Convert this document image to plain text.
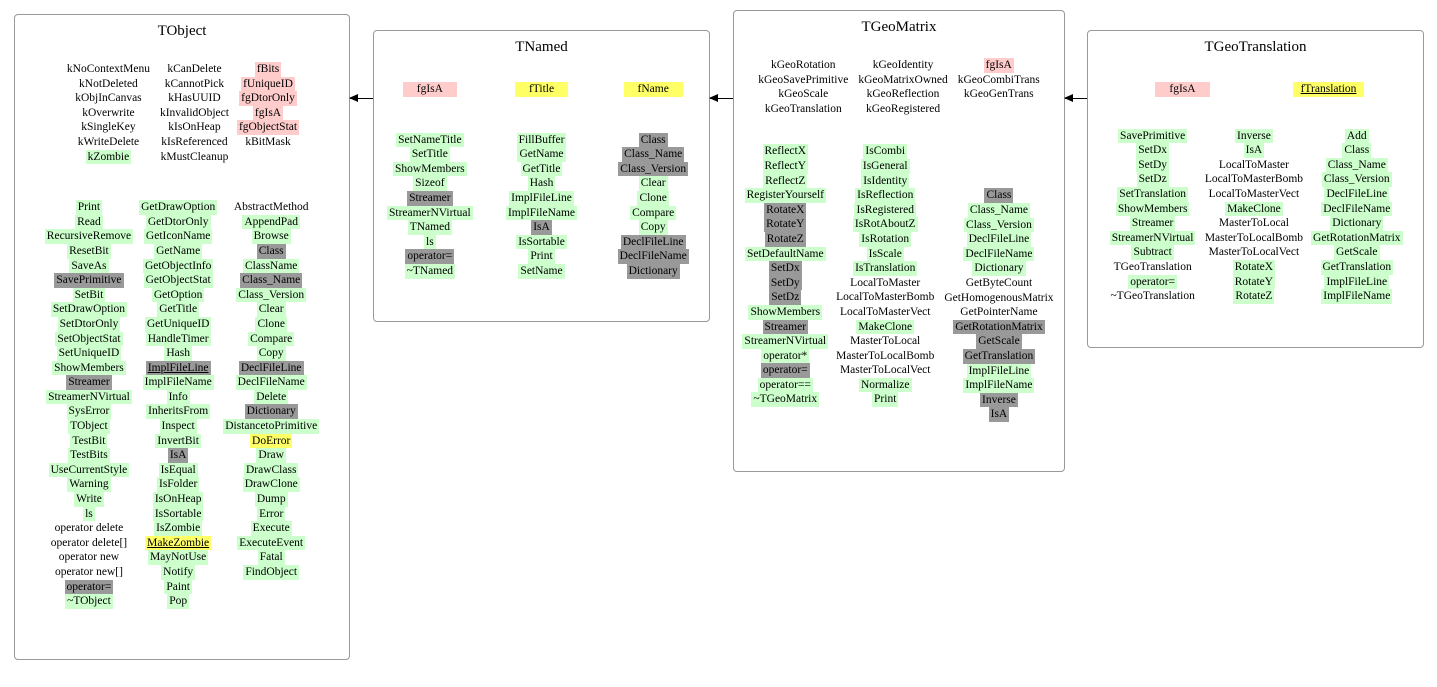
TObject
kNoContextMenu
kNotDeleted
kObjInCanvas
kOverwrite
kSingleKey
kWriteDelete
kZombie
kCanDelete
kCannotPick
kHasUUID
kInvalidObject
kIsOnHeap
kIsReferenced
kMustCleanup
fBits
fUniqueID
fgDtorOnly
fgIsA
fgObjectStat
kBitMask
Print
Read
RecursiveRemove
ResetBit
SaveAs
SavePrimitive
SetBit
SetDrawOption
SetDtorOnly
SetObjectStat
SetUniqueID
ShowMembers
Streamer
StreamerNVirtual
SysError
TObject
TestBit
TestBits
UseCurrentStyle
Warning
Write
ls
operator delete
operator delete[]
operator new
operator new[]
operator=
~TObject
GetDrawOption
GetDtorOnly
GetIconName
GetName
GetObjectInfo
GetObjectStat
GetOption
GetTitle
GetUniqueID
HandleTimer
Hash
ImplFileLine
ImplFileName
Info
InheritsFrom
Inspect
InvertBit
IsA
IsEqual
IsFolder
IsOnHeap
IsSortable
IsZombie
MakeZombie
MayNotUse
Notify
Paint
Pop
AbstractMethod
AppendPad
Browse
Class
ClassName
Class_Name
Class_Version
Clear
Clone
Compare
Copy
DeclFileLine
DeclFileName
Delete
Dictionary
DistancetoPrimitive
DoError
Draw
DrawClass
DrawClone
Dump
Error
Execute
ExecuteEvent
Fatal
FindObject
TNamed
fgIsA	fTitle	fName
SetNameTitle
SetTitle
ShowMembers
Sizeof
Streamer
StreamerNVirtual
TNamed
ls
operator=
~TNamed
FillBuffer
GetName
GetTitle
Hash
ImplFileLine
ImplFileName
IsA
IsSortable
Print
SetName
Class
Class_Name
Class_Version
Clear
Clone
Compare
Copy
DeclFileLine
DeclFileName
Dictionary
TGeoMatrix
kGeoRotation
kGeoSavePrimitive
kGeoScale
kGeoTranslation
kGeoIdentity
kGeoMatrixOwned
kGeoReflection
kGeoRegistered
fgIsA
kGeoCombiTrans
kGeoGenTrans
ReflectX
ReflectY
ReflectZ
RegisterYourself
RotateX
RotateY
RotateZ
SetDefaultName
SetDx
SetDy
SetDz
ShowMembers
Streamer
StreamerNVirtual
operator*
operator=
operator==
~TGeoMatrix
IsCombi
IsGeneral
IsIdentity
IsReflection
IsRegistered
IsRotAboutZ
IsRotation
IsScale
IsTranslation
LocalToMaster
LocalToMasterBomb
LocalToMasterVect
MakeClone
MasterToLocal
MasterToLocalBomb
MasterToLocalVect
Normalize
Print
Class
Class_Name
Class_Version
DeclFileLine
DeclFileName
Dictionary
GetByteCount
GetHomogenousMatrix
GetPointerName
GetRotationMatrix
GetScale
GetTranslation
ImplFileLine
ImplFileName
Inverse
IsA
TGeoTranslation
fgIsA	fTranslation
SavePrimitive
SetDx
SetDy
SetDz
SetTranslation
ShowMembers
Streamer
StreamerNVirtual
Subtract
TGeoTranslation
operator=
~TGeoTranslation
Inverse
IsA
LocalToMaster
LocalToMasterBomb
LocalToMasterVect
MakeClone
MasterToLocal
MasterToLocalBomb
MasterToLocalVect
RotateX
RotateY
RotateZ
Add
Class
Class_Name
Class_Version
DeclFileLine
DeclFileName
Dictionary
GetRotationMatrix
GetScale
GetTranslation
ImplFileLine
ImplFileName
